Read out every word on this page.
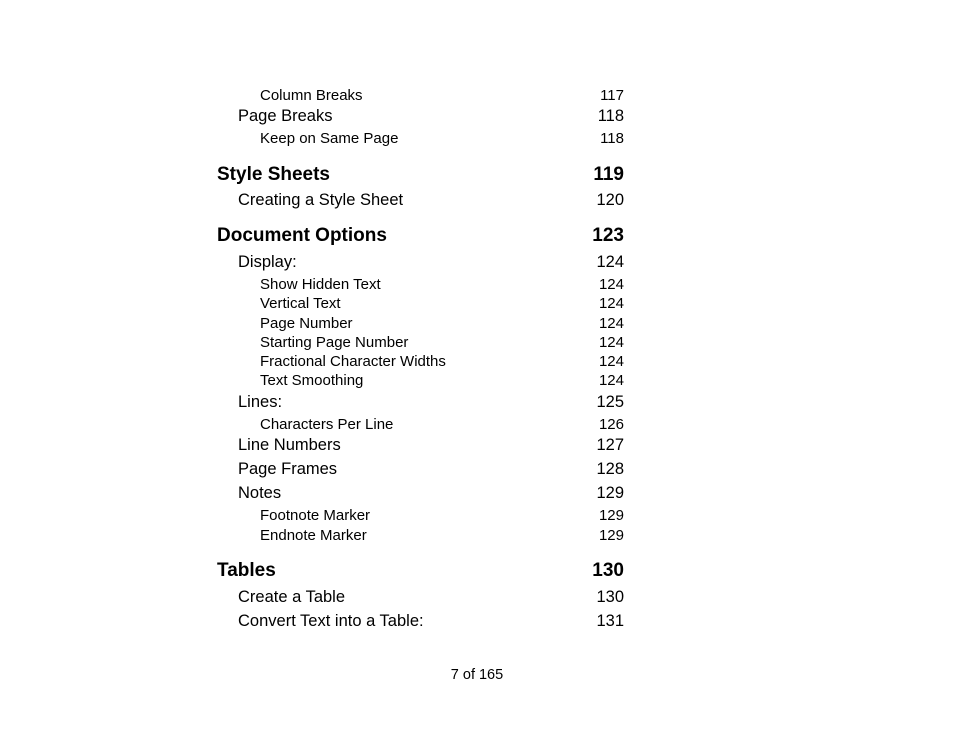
Column Breaks	117
Page Breaks	118
Keep on Same Page	118
Style Sheets	119
Creating a Style Sheet	120
Document Options	123
Display:	124
Show Hidden Text	124
Vertical Text	124
Page Number	124
Starting Page Number	124
Fractional Character Widths	124
Text Smoothing	124
Lines:	125
Characters Per Line	126
Line Numbers	127
Page Frames	128
Notes	129
Footnote Marker	129
Endnote Marker	129
Tables	130
Create a Table	130
Convert Text into a Table:	131
7 of 165
